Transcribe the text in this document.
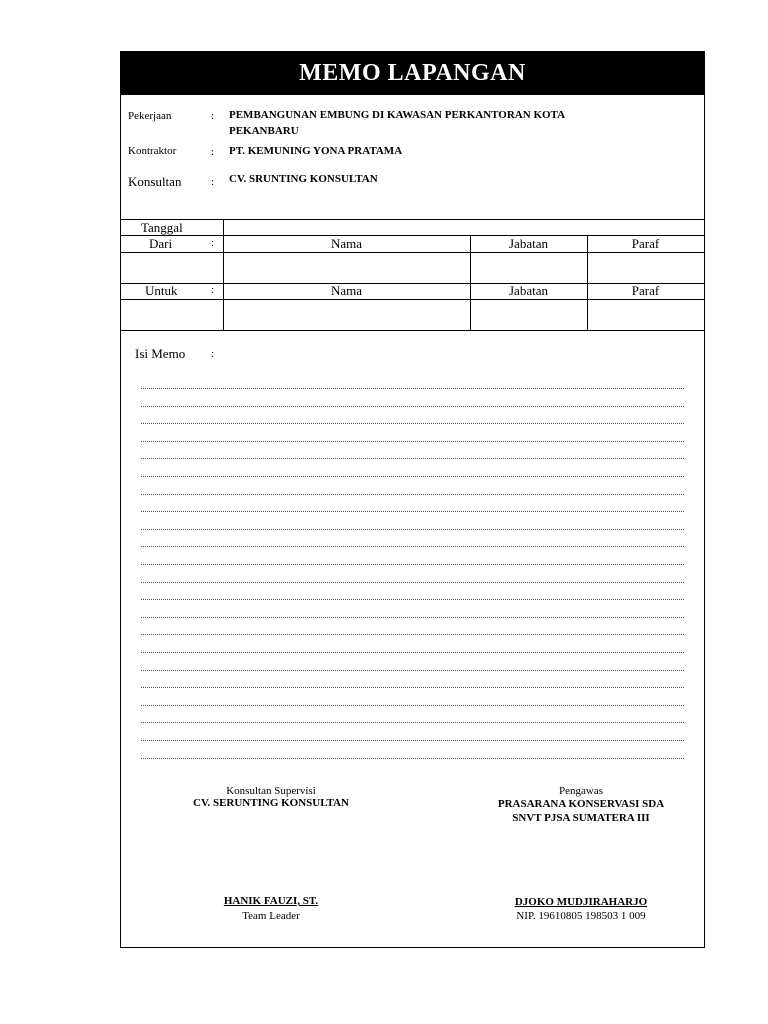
MEMO LAPANGAN
Pekerjaan	: PEMBANGUNAN EMBUNG DI KAWASAN PERKANTORAN KOTA
PEKANBARU
Kontraktor	: PT. KEMUNING YONA PRATAMA
Konsultan	: CV. SRUNTING KONSULTAN
Tanggal
Dari	:	Nama	Jabatan	Paraf
Untuk	:	Nama	Jabatan	Paraf
Isi Memo :
Konsultan Supervisi
CV. SERUNTING KONSULTAN
HANIK FAUZI, ST.
Team Leader
Pengawas
PRASARANA KONSERVASI SDA
SNVT PJSA SUMATERA III
DJOKO MUDJIRAHARJO
NIP. 19610805 198503 1 009
